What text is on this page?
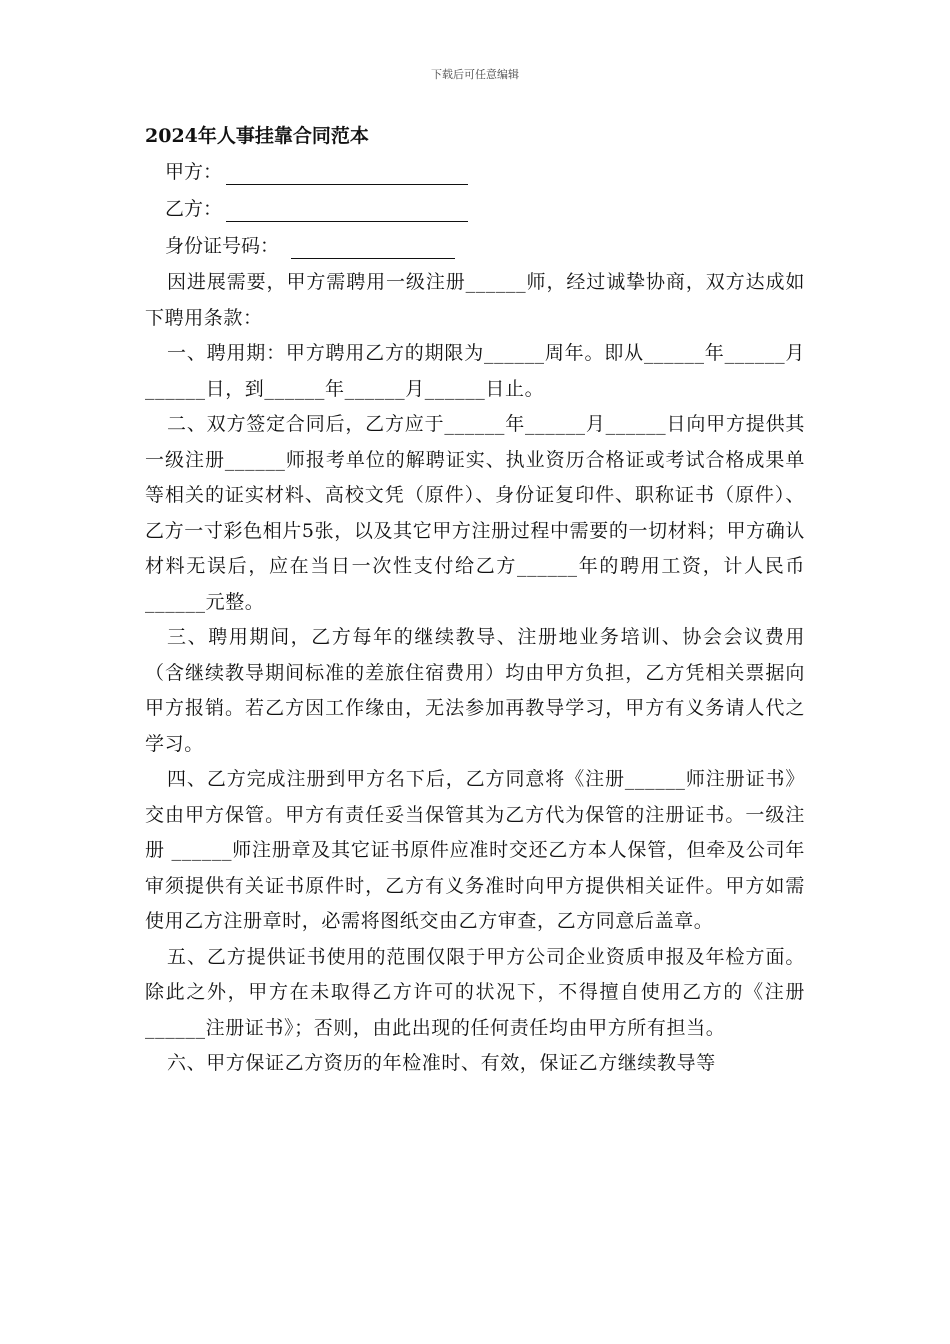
下载后可任意编辑
2024年人事挂靠合同范本
甲方：
乙方：
身份证号码：

因进展需要，甲方需聘用一级注册______师，经过诚挚协商，双方达成如下聘用条款：

一、聘用期：甲方聘用乙方的期限为______周年。即从______年______月______日，到______年______月______日止。

二、双方签定合同后，乙方应于______年______月______日向甲方提供其一级注册______师报考单位的解聘证实、执业资历合格证或考试合格成果单等相关的证实材料、高校文凭（原件）、身份证复印件、职称证书（原件）、乙方一寸彩色相片5张，以及其它甲方注册过程中需要的一切材料；甲方确认材料无误后，应在当日一次性支付给乙方______年的聘用工资，计人民币______元整。

三、聘用期间，乙方每年的继续教导、注册地业务培训、协会会议费用（含继续教导期间标准的差旅住宿费用）均由甲方负担，乙方凭相关票据向甲方报销。若乙方因工作缘由，无法参加再教导学习，甲方有义务请人代之学习。

四、乙方完成注册到甲方名下后，乙方同意将《注册______师注册证书》交由甲方保管。甲方有责任妥当保管其为乙方代为保管的注册证书。一级注册 ______师注册章及其它证书原件应准时交还乙方本人保管，但牵及公司年审须提供有关证书原件时，乙方有义务准时向甲方提供相关证件。甲方如需使用乙方注册章时，必需将图纸交由乙方审查，乙方同意后盖章。

五、乙方提供证书使用的范围仅限于甲方公司企业资质申报及年检方面。除此之外，甲方在未取得乙方许可的状况下，不得擅自使用乙方的《注册______注册证书》；否则，由此出现的任何责任均由甲方所有担当。

六、甲方保证乙方资历的年检准时、有效，保证乙方继续教导等
